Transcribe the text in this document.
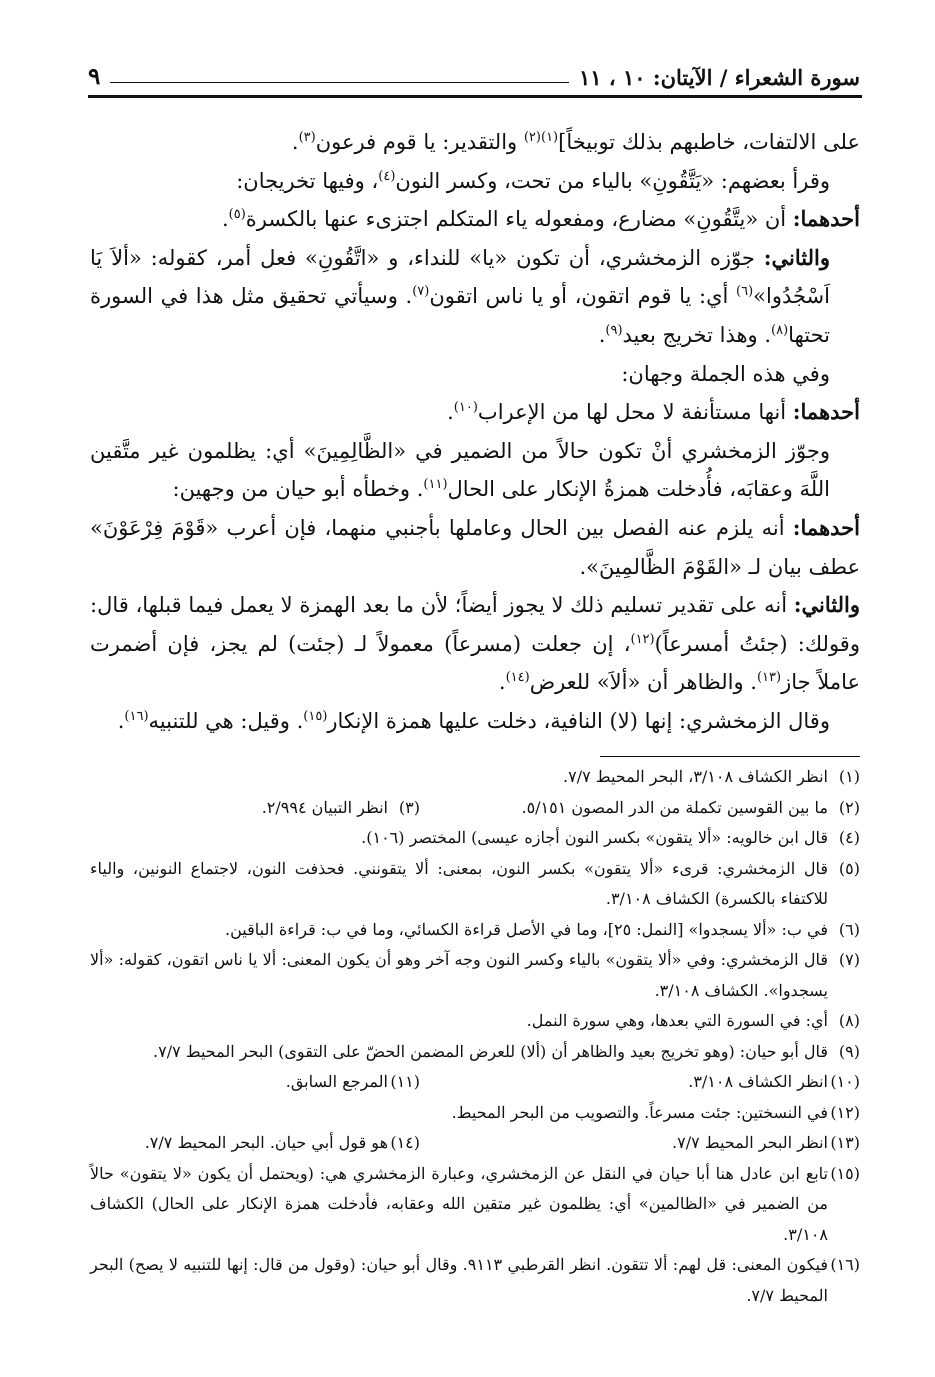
سورة الشعراء / الآيتان: ١٠ ، ١١
٩

على الالتفات، خاطبهم بذلك توبيخاً]$^{(١)(٢)}$ والتقدير: يا قوم فرعون$^{(٣)}$.

وقرأ بعضهم: «يَتَّقُونِ» بالياء من تحت، وكسر النون$^{(٤)}$، وفيها تخريجان:

أحدهما: أن «يتَّقُونِ» مضارع، ومفعوله ياء المتكلم اجتزىء عنها بالكسرة$^{(٥)}$.

والثاني: جوّزه الزمخشري، أن تكون «يا» للنداء، و «اتَّقُونِ» فعل أمر، كقوله: «ألاَ يَا اَسْجُدُوا»$^{(٦)}$ أي: يا قوم اتقون، أو يا ناس اتقون$^{(٧)}$. وسيأتي تحقيق مثل هذا في السورة تحتها$^{(٨)}$. وهذا تخريج بعيد$^{(٩)}$.

وفي هذه الجملة وجهان:

أحدهما: أنها مستأنفة لا محل لها من الإعراب$^{(١٠)}$.

وجوّز الزمخشري أنْ تكون حالاً من الضمير في «الظَّالِمِينَ» أي: يظلمون غير متَّقين اللَّهَ وعقابَه، فأُدخلت همزةُ الإنكار على الحال$^{(١١)}$. وخطأه أبو حيان من وجهين:

أحدهما: أنه يلزم عنه الفصل بين الحال وعاملها بأجنبي منهما، فإن أعرب «قَوْمَ فِرْعَوْنَ» عطف بيان لـ «القَوْمَ الظَّالمِينَ».

والثاني: أنه على تقدير تسليم ذلك لا يجوز أيضاً؛ لأن ما بعد الهمزة لا يعمل فيما قبلها، قال: وقولك: (جئتُ أمسرعاً)$^{(١٢)}$، إن جعلت (مسرعاً) معمولاً لـ (جئت) لم يجز، فإن أضمرت عاملاً جاز$^{(١٣)}$. والظاهر أن «ألاَ» للعرض$^{(١٤)}$.

وقال الزمخشري: إنها (لا) النافية، دخلت عليها همزة الإنكار$^{(١٥)}$. وقيل: هي للتنبيه$^{(١٦)}$.

(١)
انظر الكشاف ٣/١٠٨، البحر المحيط ٧/٧.
(٢)
ما بين القوسين تكملة من الدر المصون ٥/١٥١.
(٣)
انظر التبيان ٢/٩٩٤.
(٤)
قال ابن خالويه: «ألا يتقون» بكسر النون أجازه عيسى) المختصر (١٠٦).
(٥)
قال الزمخشري: قرىء «ألا يتقون» بكسر النون، بمعنى: ألا يتقونني. فحذفت النون، لاجتماع النونين، والياء للاكتفاء بالكسرة) الكشاف ٣/١٠٨.
(٦)
في ب: «ألا يسجدوا» [النمل: ٢٥]، وما في الأصل قراءة الكسائي، وما في ب: قراءة الباقين.
(٧)
قال الزمخشري: وفي «ألا يتقون» بالياء وكسر النون وجه آخر وهو أن يكون المعنى: ألا يا ناس اتقون، كقوله: «ألا يسجدوا». الكشاف ٣/١٠٨.
(٨)
أي: في السورة التي بعدها، وهي سورة النمل.
(٩)
قال أبو حيان: (وهو تخريج بعيد والظاهر أن (ألا) للعرض المضمن الحضّ على التقوى) البحر المحيط ٧/٧.
(١٠)
انظر الكشاف ٣/١٠٨.
(١١)
المرجع السابق.
(١٢)
في النسختين: جئت مسرعاً. والتصويب من البحر المحيط.
(١٣)
انظر البحر المحيط ٧/٧.
(١٤)
هو قول أبي حيان. البحر المحيط ٧/٧.
(١٥)
تابع ابن عادل هنا أبا حيان في النقل عن الزمخشري، وعبارة الزمخشري هي: (ويحتمل أن يكون «لا يتقون» حالاً من الضمير في «الظالمين» أي: يظلمون غير متقين الله وعقابه، فأدخلت همزة الإنكار على الحال) الكشاف ٣/١٠٨.
(١٦)
فيكون المعنى: قل لهم: ألا تتقون. انظر القرطبي ٩١١٣. وقال أبو حيان: (وقول من قال: إنها للتنبيه لا يصح) البحر المحيط ٧/٧.
